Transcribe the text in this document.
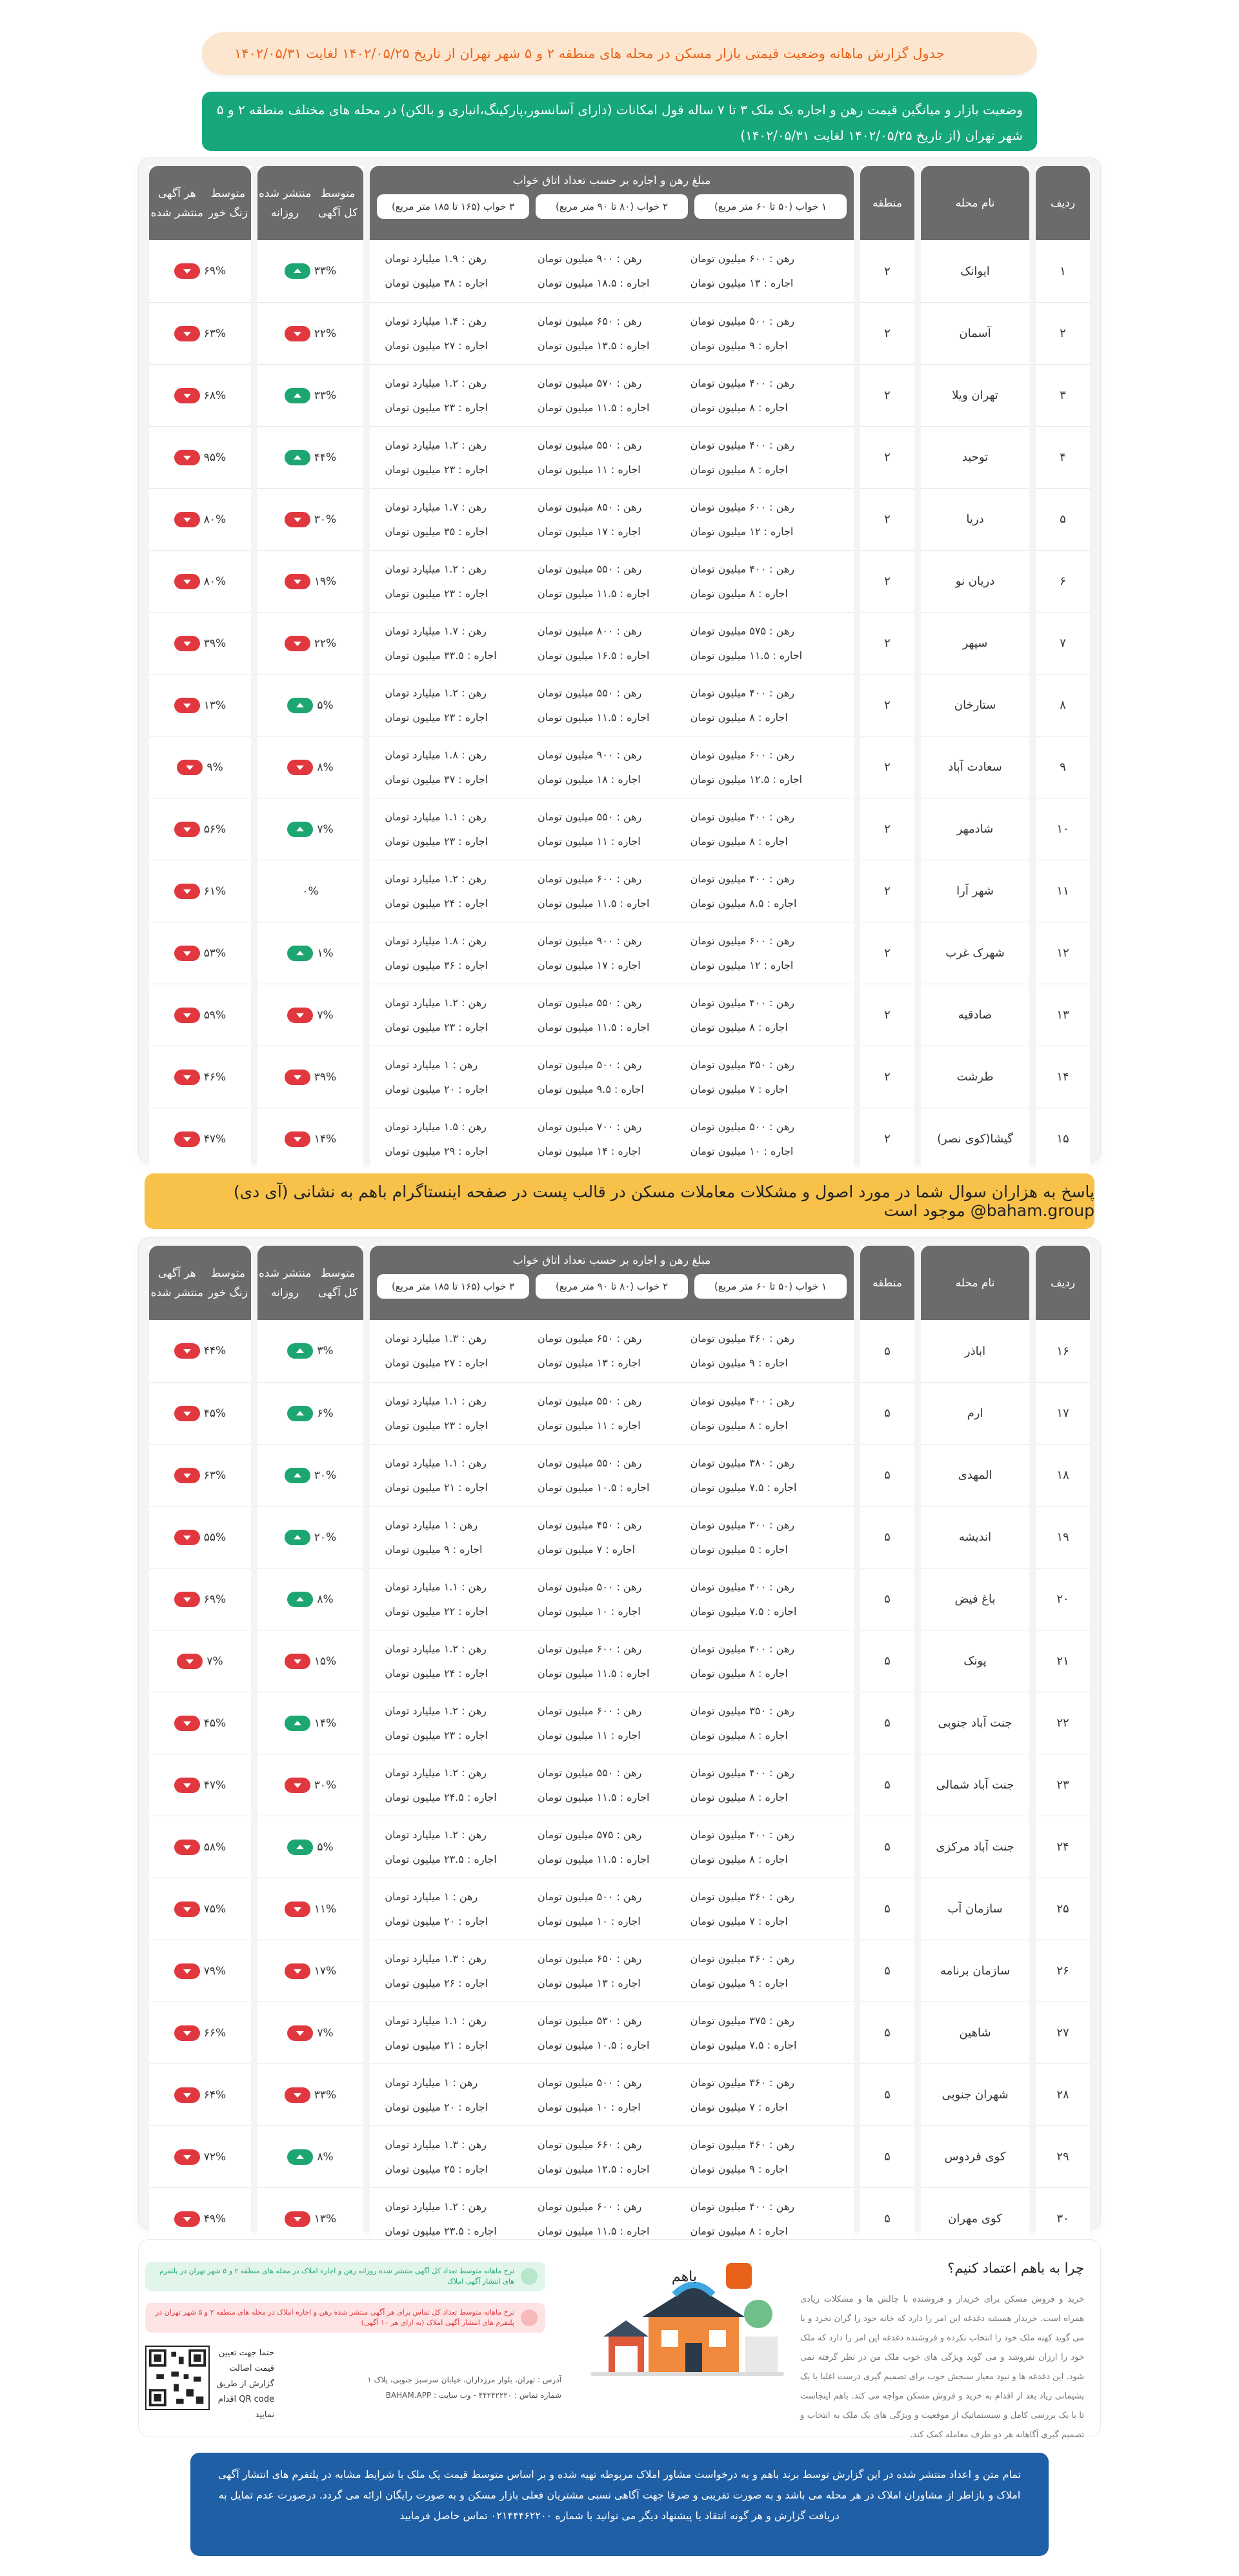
جدول گزارش ماهانه وضعیت قیمتی بازار مسکن در محله های منطقه ۲ و ۵ شهر تهران از تاریخ ۱۴۰۲/۰۵/۲۵ لغایت ۱۴۰۲/۰۵/۳۱
وضعیت بازار و میانگین قیمت رهن و اجاره یک ملک ۳ تا ۷ ساله قول امکانات (دارای آسانسور،پارکینگ،انباری و بالکن) در محله های مختلف منطقه ۲ و ۵
شهر تهران (از تاریخ ۱۴۰۲/۰۵/۲۵ لغایت ۱۴۰۲/۰۵/۳۱)
ردیف
نام محله
منطقه
متوسط کل آگهی
منتشر شده روزانه
متوسط زنگ خور
هر آگهی منتشر شده
مبلغ رهن و اجاره بر حسب تعداد اتاق خواب
۱ خواب (۵۰ تا ۶۰ متر مربع)
۲ خواب (۸۰ تا ۹۰ متر مربع)
۳ خواب (۱۶۵ تا ۱۸۵ متر مربع)
۱
ایوانک
۲
رهن : ۶۰۰ میلیون تومان
اجاره : ۱۳ میلیون تومان
رهن : ۹۰۰ میلیون تومان
اجاره : ۱۸.۵ میلیون تومان
رهن : ۱.۹ میلیارد تومان
اجاره : ۳۸ میلیون تومان
۳۳%
۶۹%
۲
آسمان
۲
رهن : ۵۰۰ میلیون تومان
اجاره : ۹ میلیون تومان
رهن : ۶۵۰ میلیون تومان
اجاره : ۱۳.۵ میلیون تومان
رهن : ۱.۴ میلیارد تومان
اجاره : ۲۷ میلیون تومان
۲۲%
۶۳%
۳
تهران ویلا
۲
رهن : ۴۰۰ میلیون تومان
اجاره : ۸ میلیون تومان
رهن : ۵۷۰ میلیون تومان
اجاره : ۱۱.۵ میلیون تومان
رهن : ۱.۲ میلیارد تومان
اجاره : ۲۳ میلیون تومان
۳۳%
۶۸%
۴
توحید
۲
رهن : ۴۰۰ میلیون تومان
اجاره : ۸ میلیون تومان
رهن : ۵۵۰ میلیون تومان
اجاره : ۱۱ میلیون تومان
رهن : ۱.۲ میلیارد تومان
اجاره : ۲۳ میلیون تومان
۴۴%
۹۵%
۵
دریا
۲
رهن : ۶۰۰ میلیون تومان
اجاره : ۱۲ میلیون تومان
رهن : ۸۵۰ میلیون تومان
اجاره : ۱۷ میلیون تومان
رهن : ۱.۷ میلیارد تومان
اجاره : ۳۵ میلیون تومان
۳۰%
۸۰%
۶
دریان نو
۲
رهن : ۴۰۰ میلیون تومان
اجاره : ۸ میلیون تومان
رهن : ۵۵۰ میلیون تومان
اجاره : ۱۱.۵ میلیون تومان
رهن : ۱.۲ میلیارد تومان
اجاره : ۲۳ میلیون تومان
۱۹%
۸۰%
۷
سپهر
۲
رهن : ۵۷۵ میلیون تومان
اجاره : ۱۱.۵ میلیون تومان
رهن : ۸۰۰ میلیون تومان
اجاره : ۱۶.۵ میلیون تومان
رهن : ۱.۷ میلیارد تومان
اجاره : ۳۳.۵ میلیون تومان
۲۲%
۳۹%
۸
ستارخان
۲
رهن : ۴۰۰ میلیون تومان
اجاره : ۸ میلیون تومان
رهن : ۵۵۰ میلیون تومان
اجاره : ۱۱.۵ میلیون تومان
رهن : ۱.۲ میلیارد تومان
اجاره : ۲۳ میلیون تومان
۵%
۱۳%
۹
سعادت آباد
۲
رهن : ۶۰۰ میلیون تومان
اجاره : ۱۲.۵ میلیون تومان
رهن : ۹۰۰ میلیون تومان
اجاره : ۱۸ میلیون تومان
رهن : ۱.۸ میلیارد تومان
اجاره : ۳۷ میلیون تومان
۸%
۹%
۱۰
شادمهر
۲
رهن : ۴۰۰ میلیون تومان
اجاره : ۸ میلیون تومان
رهن : ۵۵۰ میلیون تومان
اجاره : ۱۱ میلیون تومان
رهن : ۱.۱ میلیارد تومان
اجاره : ۲۳ میلیون تومان
۷%
۵۶%
۱۱
شهر آرا
۲
رهن : ۴۰۰ میلیون تومان
اجاره : ۸.۵ میلیون تومان
رهن : ۶۰۰ میلیون تومان
اجاره : ۱۱.۵ میلیون تومان
رهن : ۱.۲ میلیارد تومان
اجاره : ۲۴ میلیون تومان
۰%
۶۱%
۱۲
شهرک غرب
۲
رهن : ۶۰۰ میلیون تومان
اجاره : ۱۲ میلیون تومان
رهن : ۹۰۰ میلیون تومان
اجاره : ۱۷ میلیون تومان
رهن : ۱.۸ میلیارد تومان
اجاره : ۳۶ میلیون تومان
۱%
۵۳%
۱۳
صادقیه
۲
رهن : ۴۰۰ میلیون تومان
اجاره : ۸ میلیون تومان
رهن : ۵۵۰ میلیون تومان
اجاره : ۱۱.۵ میلیون تومان
رهن : ۱.۲ میلیارد تومان
اجاره : ۲۳ میلیون تومان
۷%
۵۹%
۱۴
طرشت
۲
رهن : ۳۵۰ میلیون تومان
اجاره : ۷ میلیون تومان
رهن : ۵۰۰ میلیون تومان
اجاره : ۹.۵ میلیون تومان
رهن : ۱ میلیارد تومان
اجاره : ۲۰ میلیون تومان
۳۹%
۴۶%
۱۵
گیشا(کوی نصر)
۲
رهن : ۵۰۰ میلیون تومان
اجاره : ۱۰ میلیون تومان
رهن : ۷۰۰ میلیون تومان
اجاره : ۱۴ میلیون تومان
رهن : ۱.۵ میلیارد تومان
اجاره : ۲۹ میلیون تومان
۱۴%
۴۷%
پاسخ به هزاران سوال شما در مورد اصول و مشکلات معاملات مسکن در قالب پست در صفحه اینستاگرام باهم به نشانی (آی دی) baham.group@ موجود است
ردیف
نام محله
منطقه
متوسط کل آگهی
منتشر شده روزانه
متوسط زنگ خور
هر آگهی منتشر شده
مبلغ رهن و اجاره بر حسب تعداد اتاق خواب
۱ خواب (۵۰ تا ۶۰ متر مربع)
۲ خواب (۸۰ تا ۹۰ متر مربع)
۳ خواب (۱۶۵ تا ۱۸۵ متر مربع)
۱۶
اباذر
۵
رهن : ۴۶۰ میلیون تومان
اجاره : ۹ میلیون تومان
رهن : ۶۵۰ میلیون تومان
اجاره : ۱۳ میلیون تومان
رهن : ۱.۳ میلیارد تومان
اجاره : ۲۷ میلیون تومان
۳%
۴۴%
۱۷
ارم
۵
رهن : ۴۰۰ میلیون تومان
اجاره : ۸ میلیون تومان
رهن : ۵۵۰ میلیون تومان
اجاره : ۱۱ میلیون تومان
رهن : ۱.۱ میلیارد تومان
اجاره : ۲۳ میلیون تومان
۶%
۴۵%
۱۸
المهدی
۵
رهن : ۳۸۰ میلیون تومان
اجاره : ۷.۵ میلیون تومان
رهن : ۵۵۰ میلیون تومان
اجاره : ۱۰.۵ میلیون تومان
رهن : ۱.۱ میلیارد تومان
اجاره : ۲۱ میلیون تومان
۳۰%
۶۳%
۱۹
اندیشه
۵
رهن : ۳۰۰ میلیون تومان
اجاره : ۵ میلیون تومان
رهن : ۴۵۰ میلیون تومان
اجاره : ۷ میلیون تومان
رهن : ۱ میلیارد تومان
اجاره : ۹ میلیون تومان
۲۰%
۵۵%
۲۰
باغ فیض
۵
رهن : ۴۰۰ میلیون تومان
اجاره : ۷.۵ میلیون تومان
رهن : ۵۰۰ میلیون تومان
اجاره : ۱۰ میلیون تومان
رهن : ۱.۱ میلیارد تومان
اجاره : ۲۲ میلیون تومان
۸%
۶۹%
۲۱
پونک
۵
رهن : ۴۰۰ میلیون تومان
اجاره : ۸ میلیون تومان
رهن : ۶۰۰ میلیون تومان
اجاره : ۱۱.۵ میلیون تومان
رهن : ۱.۲ میلیارد تومان
اجاره : ۲۴ میلیون تومان
۱۵%
۷%
۲۲
جنت آباد جنوبی
۵
رهن : ۳۵۰ میلیون تومان
اجاره : ۸ میلیون تومان
رهن : ۶۰۰ میلیون تومان
اجاره : ۱۱ میلیون تومان
رهن : ۱.۲ میلیارد تومان
اجاره : ۲۳ میلیون تومان
۱۴%
۴۵%
۲۳
جنت آباد شمالی
۵
رهن : ۴۰۰ میلیون تومان
اجاره : ۸ میلیون تومان
رهن : ۵۵۰ میلیون تومان
اجاره : ۱۱.۵ میلیون تومان
رهن : ۱.۲ میلیارد تومان
اجاره : ۲۴.۵ میلیون تومان
۳۰%
۴۷%
۲۴
جنت آباد مرکزی
۵
رهن : ۴۰۰ میلیون تومان
اجاره : ۸ میلیون تومان
رهن : ۵۷۵ میلیون تومان
اجاره : ۱۱.۵ میلیون تومان
رهن : ۱.۲ میلیارد تومان
اجاره : ۲۳.۵ میلیون تومان
۵%
۵۸%
۲۵
سازمان آب
۵
رهن : ۳۶۰ میلیون تومان
اجاره : ۷ میلیون تومان
رهن : ۵۰۰ میلیون تومان
اجاره : ۱۰ میلیون تومان
رهن : ۱ میلیارد تومان
اجاره : ۲۰ میلیون تومان
۱۱%
۷۵%
۲۶
سازمان برنامه
۵
رهن : ۴۶۰ میلیون تومان
اجاره : ۹ میلیون تومان
رهن : ۶۵۰ میلیون تومان
اجاره : ۱۳ میلیون تومان
رهن : ۱.۳ میلیارد تومان
اجاره : ۲۶ میلیون تومان
۱۷%
۷۹%
۲۷
شاهین
۵
رهن : ۳۷۵ میلیون تومان
اجاره : ۷.۵ میلیون تومان
رهن : ۵۳۰ میلیون تومان
اجاره : ۱۰.۵ میلیون تومان
رهن : ۱.۱ میلیارد تومان
اجاره : ۲۱ میلیون تومان
۷%
۶۶%
۲۸
شهران جنوبی
۵
رهن : ۳۶۰ میلیون تومان
اجاره : ۷ میلیون تومان
رهن : ۵۰۰ میلیون تومان
اجاره : ۱۰ میلیون تومان
رهن : ۱ میلیارد تومان
اجاره : ۲۰ میلیون تومان
۳۳%
۶۴%
۲۹
کوی فردوس
۵
رهن : ۴۶۰ میلیون تومان
اجاره : ۹ میلیون تومان
رهن : ۶۶۰ میلیون تومان
اجاره : ۱۲.۵ میلیون تومان
رهن : ۱.۳ میلیارد تومان
اجاره : ۲۵ میلیون تومان
۸%
۷۲%
۳۰
کوی مهران
۵
رهن : ۴۰۰ میلیون تومان
اجاره : ۸ میلیون تومان
رهن : ۶۰۰ میلیون تومان
اجاره : ۱۱.۵ میلیون تومان
رهن : ۱.۲ میلیارد تومان
اجاره : ۲۳.۵ میلیون تومان
۱۳%
۴۹%
چرا به باهم اعتماد کنیم؟
خرید و فروش مسکن برای خریدار و فروشنده با چالش ها و مشکلات زیادی همراه است. خریدار همیشه دغدغه این امر را دارد که خانه خود را گران نخرد و یا می گوید کهنه ملک خود را انتخاب نکرده و فروشنده دغدغه این امر را دارد که ملک خود را ارزان نفروشد و می گوید ویژگی های خوب ملک من در نظر گرفته نمی شود. این دغدغه ها و نبود معیار سنجش خوب برای تصمیم گیری درست اغلبا با یک پشیمانی زیاد بعد از اقدام به خرید و فروش مسکن مواجه می کند. باهم اینجاست تا با یک بررسی کامل و سیستماتیک از موقعیت و ویژگی های یک ملک به انتخاب و تصمیم گیری آگاهانه هر دو طرف معامله کمک کند.
باهم
نرخ ماهانه متوسط تعداد کل آگهی منتشر شده روزانه رهن و اجاره املاک در محله های منطقه ۲ و ۵ شهر تهران در پلتفرم های انتشار آگهی املاک
نرخ ماهانه متوسط تعداد کل تماس برای هر آگهی منتشر شده رهن و اجاره املاک در محله های منطقه ۲ و ۵ شهر تهران در پلتفرم های انتشار آگهی املاک (به ازای هر ۱۰ آگهی)
حتما جهت تعیین قیمت اصالت گزارش از طریق QR code اقدام نمایید
آدرس : تهران، بلوار مرزداران، خیابان سرسبز جنوبی، پلاک ۱
شماره تماس : ۴۴۲۴۲۲۲۰ - وب سایت : BAHAM.APP
تمام متن و اعداد منتشر شده در این گزارش توسط برند باهم و به درخواست مشاور املاک مربوطه تهیه شده و بر اساس متوسط قیمت یک ملک با شرایط مشابه در پلتفرم های انتشار آگهی املاک و بازاطر از مشاوران املاک در هر محله می باشد و به صورت تقریبی و صرفا جهت آگاهی نسبی مشتریان فعلی بازار مسکن و به صورت رایگان ارائه می گردد. درصورت عدم تمایل به دریافت گزارش و هر گونه انتقاد یا پیشنهاد دیگر می توانید با شماره ۰۲۱۴۴۴۶۲۲۰۰ تماس حاصل فرمایید
